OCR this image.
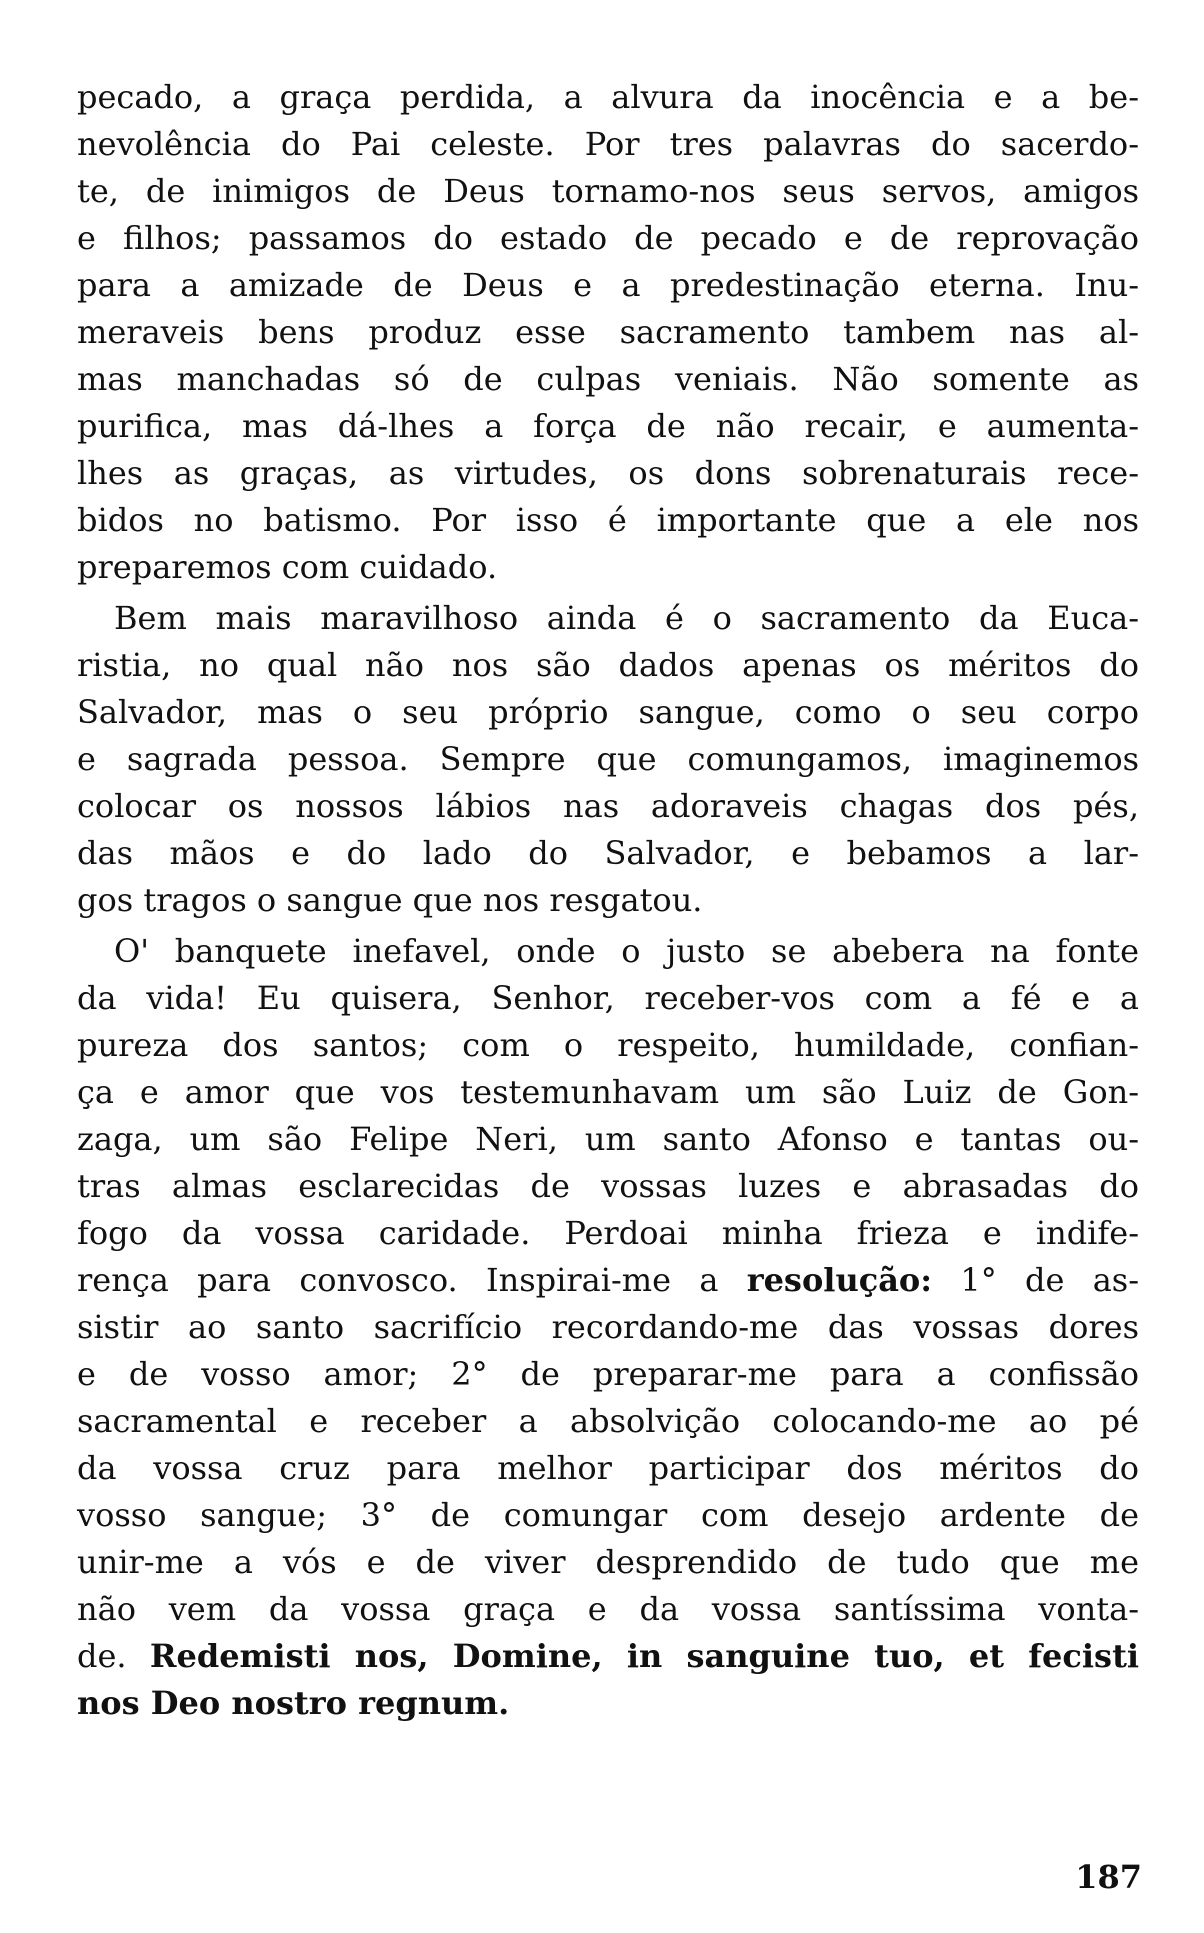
pecado, a graça perdida, a alvura da inocência e a be-
nevolência do Pai celeste. Por tres palavras do sacerdo-
te, de inimigos de Deus tornamo-nos seus servos, amigos
e filhos; passamos do estado de pecado e de reprovação
para a amizade de Deus e a predestinação eterna. Inu-
meraveis bens produz esse sacramento tambem nas al-
mas manchadas só de culpas veniais. Não somente as
purifica, mas dá-lhes a força de não recair, e aumenta-
lhes as graças, as virtudes, os dons sobrenaturais rece-
bidos no batismo. Por isso é importante que a ele nos
preparemos com cuidado.
Bem mais maravilhoso ainda é o sacramento da Euca-
ristia, no qual não nos são dados apenas os méritos do
Salvador, mas o seu próprio sangue, como o seu corpo
e sagrada pessoa. Sempre que comungamos, imaginemos
colocar os nossos lábios nas adoraveis chagas dos pés,
das mãos e do lado do Salvador, e bebamos a lar-
gos tragos o sangue que nos resgatou.
O' banquete inefavel, onde o justo se abebera na fonte
da vida! Eu quisera, Senhor, receber-vos com a fé e a
pureza dos santos; com o respeito, humildade, confian-
ça e amor que vos testemunhavam um são Luiz de Gon-
zaga, um são Felipe Neri, um santo Afonso e tantas ou-
tras almas esclarecidas de vossas luzes e abrasadas do
fogo da vossa caridade. Perdoai minha frieza e indife-
rença para convosco. Inspirai-me a resolução: 1° de as-
sistir ao santo sacrifício recordando-me das vossas dores
e de vosso amor; 2° de preparar-me para a confissão
sacramental e receber a absolvição colocando-me ao pé
da vossa cruz para melhor participar dos méritos do
vosso sangue; 3° de comungar com desejo ardente de
unir-me a vós e de viver desprendido de tudo que me
não vem da vossa graça e da vossa santíssima vonta-
de. Redemisti nos, Domine, in sanguine tuo, et fecisti
nos Deo nostro regnum.
187
